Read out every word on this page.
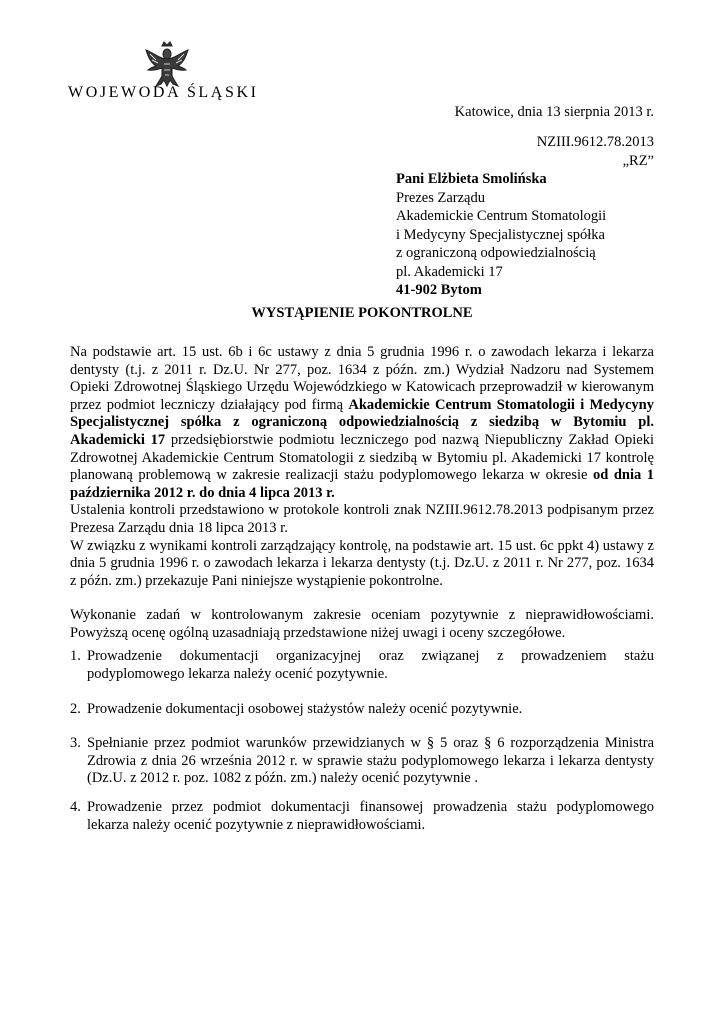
WOJEWODA ŚLĄSKI
Katowice, dnia 13 sierpnia 2013 r.
NZIII.9612.78.2013
„RZ”
Pani Elżbieta Smolińska
Prezes Zarządu
Akademickie Centrum Stomatologii
i Medycyny Specjalistycznej spółka
z ograniczoną odpowiedzialnością
pl. Akademicki 17
41-902 Bytom
WYSTĄPIENIE POKONTROLNE

Na podstawie art. 15 ust. 6b i 6c ustawy z dnia 5 grudnia 1996 r. o zawodach lekarza i lekarza dentysty (t.j. z 2011 r. Dz.U. Nr 277, poz. 1634 z późn. zm.) Wydział Nadzoru nad Systemem Opieki Zdrowotnej Śląskiego Urzędu Wojewódzkiego w Katowicach przeprowadził w kierowanym przez podmiot leczniczy działający pod firmą Akademickie Centrum Stomatologii i Medycyny Specjalistycznej spółka z ograniczoną odpowiedzialnością z siedzibą w Bytomiu pl. Akademicki 17 przedsiębiorstwie podmiotu leczniczego pod nazwą Niepubliczny Zakład Opieki Zdrowotnej Akademickie Centrum Stomatologii z siedzibą w Bytomiu pl. Akademicki 17 kontrolę planowaną problemową w zakresie realizacji stażu podyplomowego lekarza w okresie od dnia 1 października 2012 r. do dnia 4 lipca 2013 r.

Ustalenia kontroli przedstawiono w protokole kontroli znak NZIII.9612.78.2013 podpisanym przez Prezesa Zarządu dnia 18 lipca 2013 r.

W związku z wynikami kontroli zarządzający kontrolę, na podstawie art. 15 ust. 6c ppkt 4) ustawy z dnia 5 grudnia 1996 r. o zawodach lekarza i lekarza dentysty (t.j. Dz.U. z 2011 r. Nr 277, poz. 1634 z późn. zm.) przekazuje Pani niniejsze wystąpienie pokontrolne.

Wykonanie zadań w kontrolowanym zakresie oceniam pozytywnie z nieprawidłowościami. Powyższą ocenę ogólną uzasadniają przedstawione niżej uwagi i oceny szczegółowe.

1. Prowadzenie dokumentacji organizacyjnej oraz związanej z prowadzeniem stażu podyplomowego lekarza należy ocenić pozytywnie.
2. Prowadzenie dokumentacji osobowej stażystów należy ocenić pozytywnie.
3. Spełnianie przez podmiot warunków przewidzianych w § 5 oraz § 6 rozporządzenia Ministra Zdrowia z dnia 26 września 2012 r. w sprawie stażu podyplomowego lekarza i lekarza dentysty (Dz.U. z 2012 r. poz. 1082 z późn. zm.) należy ocenić pozytywnie .
4. Prowadzenie przez podmiot dokumentacji finansowej prowadzenia stażu podyplomowego lekarza należy ocenić pozytywnie z nieprawidłowościami.
